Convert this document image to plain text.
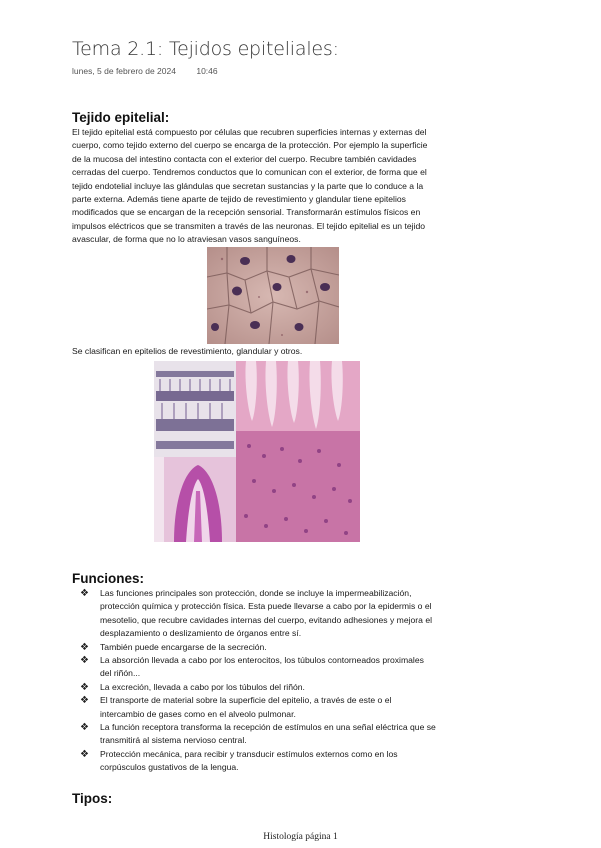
Tema 2.1: Tejidos epiteliales:
lunes, 5 de febrero de 2024 10:46
Tejido epitelial:
El tejido epitelial está compuesto por células que recubren superficies internas y externas del
cuerpo, como tejido externo del cuerpo se encarga de la protección. Por ejemplo la superficie
de la mucosa del intestino contacta con el exterior del cuerpo. Recubre también cavidades
cerradas del cuerpo. Tendremos conductos que lo comunican con el exterior, de forma que el
tejido endotelial incluye las glándulas que secretan sustancias y la parte que lo conduce a la
parte externa. Además tiene aparte de tejido de revestimiento y glandular tiene epitelios
modificados que se encargan de la recepción sensorial. Transformarán estímulos físicos en
impulsos eléctricos que se transmiten a través de las neuronas. El tejido epitelial es un tejido
avascular, de forma que no lo atraviesan vasos sanguíneos.
Se clasifican en epitelios de revestimiento, glandular y otros.
Funciones:
❖ Las funciones principales son protección, donde se incluye la impermeabilización,
protección química y protección física. Esta puede llevarse a cabo por la epidermis o el
mesotelio, que recubre cavidades internas del cuerpo, evitando adhesiones y mejora el
desplazamiento o deslizamiento de órganos entre sí.
❖ También puede encargarse de la secreción.
❖ La absorción llevada a cabo por los enterocitos, los túbulos contorneados proximales
del riñón...
❖ La excreción, llevada a cabo por los túbulos del riñón.
❖ El transporte de material sobre la superficie del epitelio, a través de este o el
intercambio de gases como en el alveolo pulmonar.
❖ La función receptora transforma la recepción de estímulos en una señal eléctrica que se
transmitirá al sistema nervioso central.
❖ Protección mecánica, para recibir y transducir estímulos externos como en los
corpúsculos gustativos de la lengua.
Tipos:
Histología página 1
